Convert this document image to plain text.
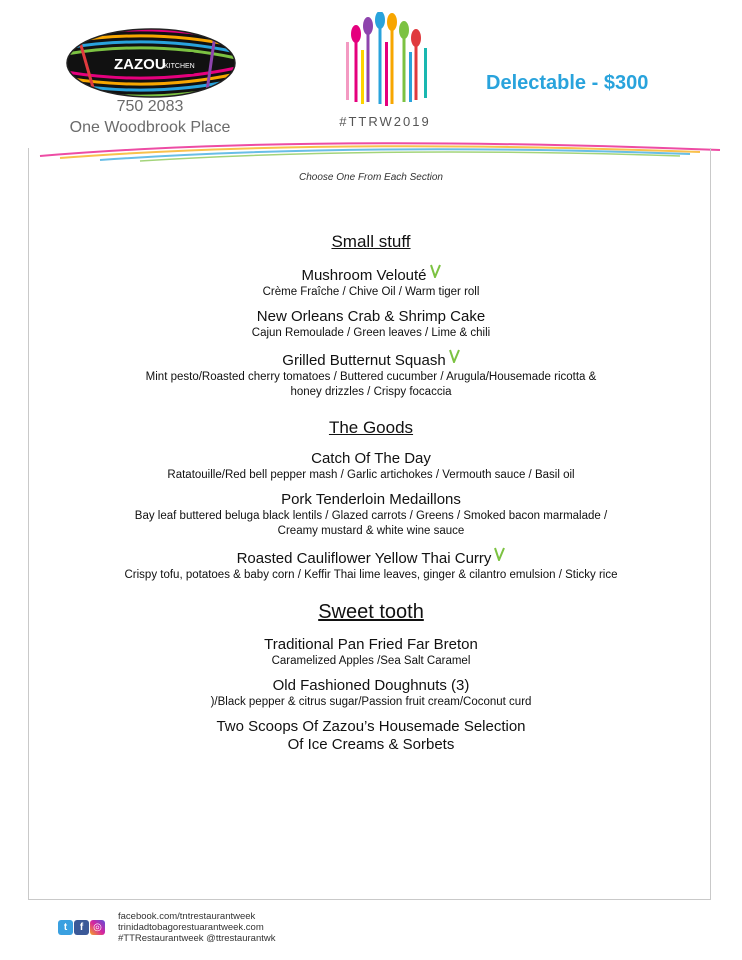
ZAZOU
KITCHEN
750 2083
One Woodbrook Place	#TTRW2019
Delectable - $300
Choose One From Each Section
Small stuff
Mushroom Velouté
Crème Fraîche / Chive Oil / Warm tiger roll
New Orleans Crab & Shrimp Cake
Cajun Remoulade / Green leaves / Lime & chili
Grilled Butternut Squash
Mint pesto/Roasted cherry tomatoes / Buttered cucumber / Arugula/Housemade ricotta & honey drizzles / Crispy focaccia
The Goods
Catch Of The Day
Ratatouille/Red bell pepper mash / Garlic artichokes / Vermouth sauce / Basil oil
Pork Tenderloin Medaillons
Bay leaf buttered beluga black lentils / Glazed carrots / Greens / Smoked bacon marmalade / Creamy mustard & white wine sauce
Roasted Cauliflower Yellow Thai Curry
Crispy tofu, potatoes & baby corn / Keffir Thai lime leaves, ginger & cilantro emulsion / Sticky rice
Sweet tooth
Traditional Pan Fried Far Breton
Caramelized Apples /Sea Salt Caramel
Old Fashioned Doughnuts (3)
)/Black pepper & citrus sugar/Passion fruit cream/Coconut curd
Two Scoops Of Zazou’s Housemade Selection
Of Ice Creams & Sorbets
t f ◎
facebook.com/tntrestaurantweek
trinidadtobagorestuarantweek.com
#TTRestaurantweek @ttrestaurantwk
